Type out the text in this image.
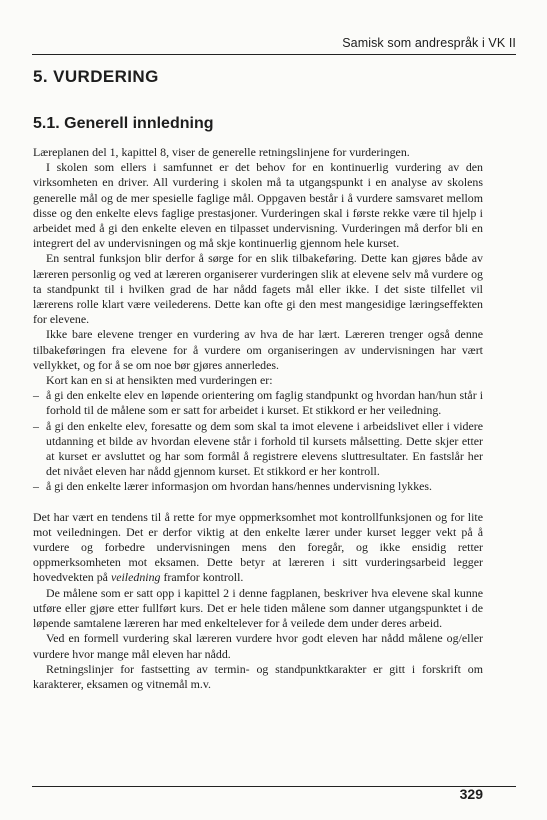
Samisk som andrespråk i VK II
5. VURDERING
5.1. Generell innledning

Læreplanen del 1, kapittel 8, viser de generelle retningslinjene for vurderingen.

I skolen som ellers i samfunnet er det behov for en kontinuerlig vurdering av den virksomheten en driver. All vurdering i skolen må ta utgangspunkt i en analyse av skolens generelle mål og de mer spesielle faglige mål. Oppgaven består i å vurdere samsvaret mellom disse og den enkelte elevs faglige prestasjoner. Vurderingen skal i første rekke være til hjelp i arbeidet med å gi den enkelte eleven en tilpasset undervisning. Vurderingen må derfor bli en integrert del av undervisningen og må skje kontinuerlig gjennom hele kurset.

En sentral funksjon blir derfor å sørge for en slik tilbakeføring. Dette kan gjøres både av læreren personlig og ved at læreren organiserer vurderingen slik at elevene selv må vurdere og ta standpunkt til i hvilken grad de har nådd fagets mål eller ikke. I det siste tilfellet vil lærerens rolle klart være veilederens. Dette kan ofte gi den mest mangesidige læringseffekten for elevene.

Ikke bare elevene trenger en vurdering av hva de har lært. Læreren trenger også denne tilbakeføringen fra elevene for å vurdere om organiseringen av undervisningen har vært vellykket, og for å se om noe bør gjøres annerledes.

Kort kan en si at hensikten med vurderingen er:

– å gi den enkelte elev en løpende orientering om faglig standpunkt og hvordan han/hun står i forhold til de målene som er satt for arbeidet i kurset. Et stikkord er her veiledning.
– å gi den enkelte elev, foresatte og dem som skal ta imot elevene i arbeidslivet eller i videre utdanning et bilde av hvordan elevene står i forhold til kursets målsetting. Dette skjer etter at kurset er avsluttet og har som formål å registrere elevens sluttresultater. En fastslår her det nivået eleven har nådd gjennom kurset. Et stikkord er her kontroll.
– å gi den enkelte lærer informasjon om hvordan hans/hennes undervisning lykkes.

Det har vært en tendens til å rette for mye oppmerksomhet mot kontrollfunksjonen og for lite mot veiledningen. Det er derfor viktig at den enkelte lærer under kurset legger vekt på å vurdere og forbedre undervisningen mens den foregår, og ikke ensidig retter oppmerksomheten mot eksamen. Dette betyr at læreren i sitt vurderingsarbeid legger hovedvekten på veiledning framfor kontroll.

De målene som er satt opp i kapittel 2 i denne fagplanen, beskriver hva elevene skal kunne utføre eller gjøre etter fullført kurs. Det er hele tiden målene som danner utgangspunktet i de løpende samtalene læreren har med enkeltelever for å veilede dem under deres arbeid.

Ved en formell vurdering skal læreren vurdere hvor godt eleven har nådd målene og/eller vurdere hvor mange mål eleven har nådd.

Retningslinjer for fastsetting av termin- og standpunktkarakter er gitt i forskrift om karakterer, eksamen og vitnemål m.v.

329
